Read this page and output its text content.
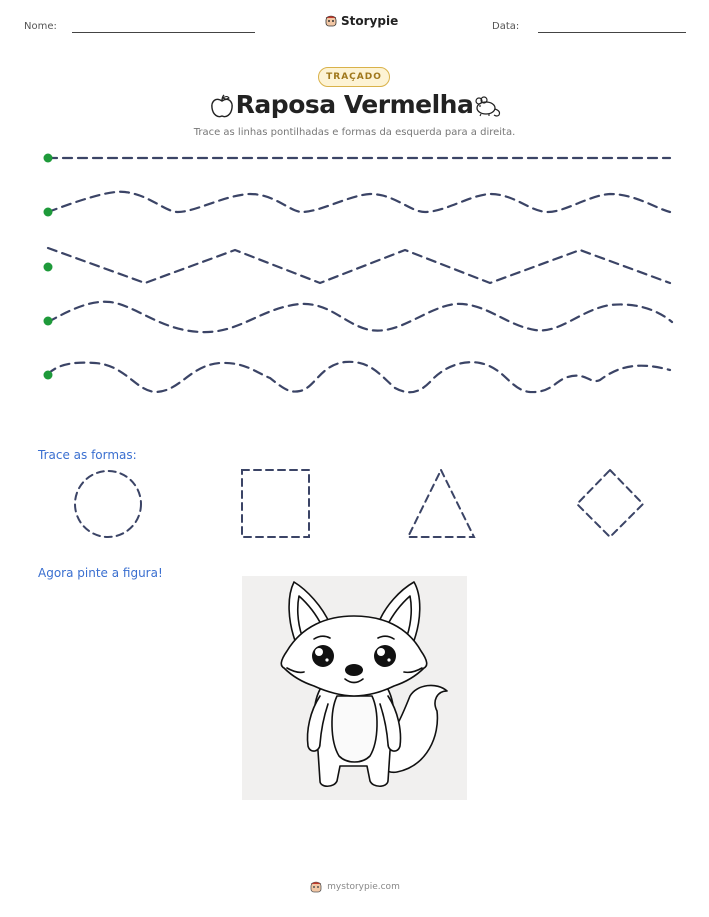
Nome:	Storypie	Data:
TRAÇADO
Raposa Vermelha
Trace as linhas pontilhadas e formas da esquerda para a direita.
Trace as formas:
Agora pinte a figura!
mystorypie.com
